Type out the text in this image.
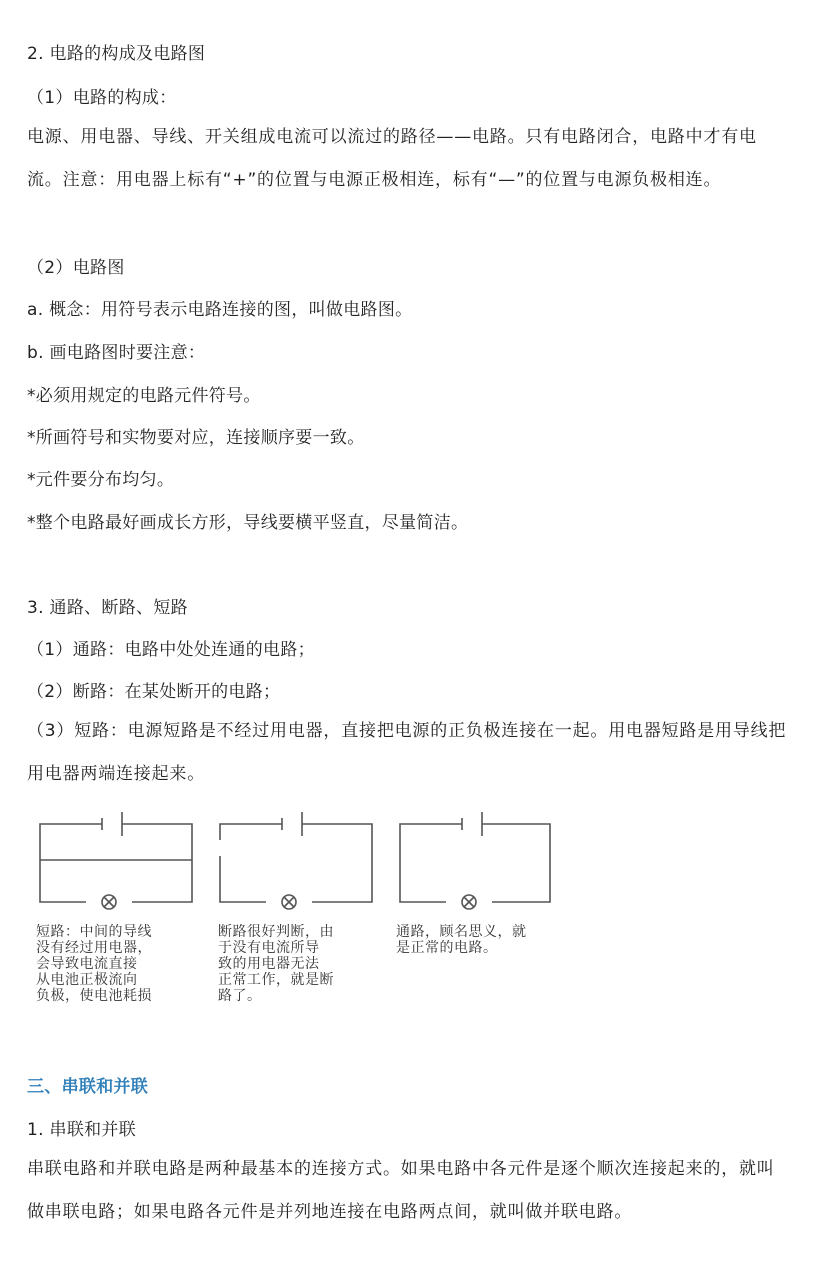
2. 电路的构成及电路图
（1）电路的构成：
电源、用电器、导线、开关组成电流可以流过的路径——电路。只有电路闭合，电路中才有电流。注意：用电器上标有“+”的位置与电源正极相连，标有“—”的位置与电源负极相连。
（2）电路图
a. 概念：用符号表示电路连接的图，叫做电路图。
b. 画电路图时要注意：
*必须用规定的电路元件符号。
*所画符号和实物要对应，连接顺序要一致。
*元件要分布均匀。
*整个电路最好画成长方形，导线要横平竖直，尽量简洁。
3. 通路、断路、短路
（1）通路：电路中处处连通的电路；
（2）断路：在某处断开的电路；
（3）短路：电源短路是不经过用电器，直接把电源的正负极连接在一起。用电器短路是用导线把用电器两端连接起来。
短路：中间的导线
没有经过用电器，
会导致电流直接
从电池正极流向
负极，使电池耗损
断路很好判断，由
于没有电流所导
致的用电器无法
正常工作，就是断
路了。
通路，顾名思义，就
是正常的电路。
三、串联和并联
1. 串联和并联
串联电路和并联电路是两种最基本的连接方式。如果电路中各元件是逐个顺次连接起来的，就叫做串联电路；如果电路各元件是并列地连接在电路两点间，就叫做并联电路。
